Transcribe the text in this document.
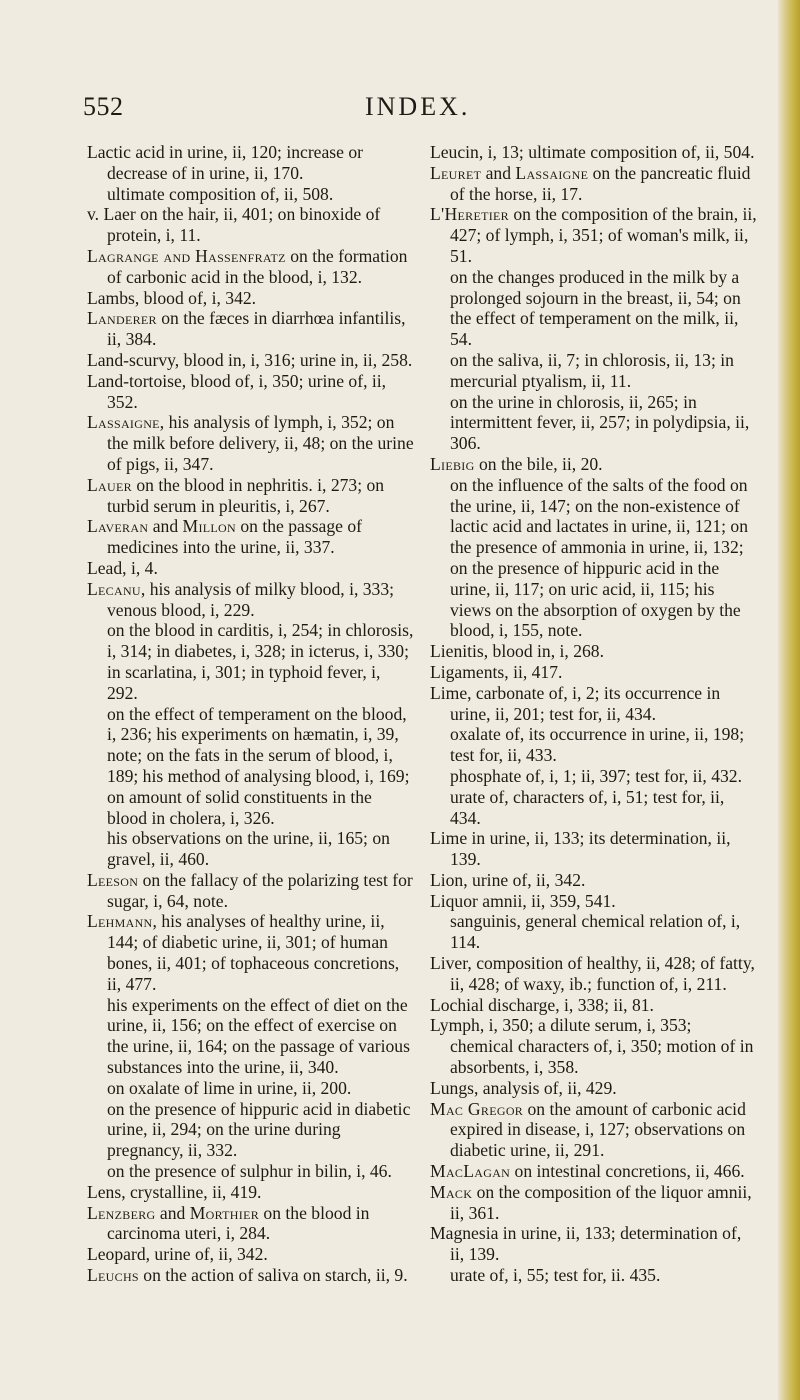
552	INDEX.

Lactic acid in urine, ii, 120; increase or decrease of in urine, ii, 170.

ultimate composition of, ii, 508.

v. Laer on the hair, ii, 401; on binoxide of protein, i, 11.

Lagrange and Hassenfratz on the formation of carbonic acid in the blood, i, 132.

Lambs, blood of, i, 342.

Landerer on the fæces in diarrhœa infantilis, ii, 384.

Land-scurvy, blood in, i, 316; urine in, ii, 258.

Land-tortoise, blood of, i, 350; urine of, ii, 352.

Lassaigne, his analysis of lymph, i, 352; on the milk before delivery, ii, 48; on the urine of pigs, ii, 347.

Lauer on the blood in nephritis. i, 273; on turbid serum in pleuritis, i, 267.

Laveran and Millon on the passage of medicines into the urine, ii, 337.

Lead, i, 4.

Lecanu, his analysis of milky blood, i, 333; venous blood, i, 229.

on the blood in carditis, i, 254; in chlorosis, i, 314; in diabetes, i, 328; in icterus, i, 330; in scarlatina, i, 301; in typhoid fever, i, 292.

on the effect of temperament on the blood, i, 236; his experiments on hæmatin, i, 39, note; on the fats in the serum of blood, i, 189; his method of analysing blood, i, 169; on amount of solid constituents in the blood in cholera, i, 326.

his observations on the urine, ii, 165; on gravel, ii, 460.

Leeson on the fallacy of the polarizing test for sugar, i, 64, note.

Lehmann, his analyses of healthy urine, ii, 144; of diabetic urine, ii, 301; of human bones, ii, 401; of tophaceous concretions, ii, 477.

his experiments on the effect of diet on the urine, ii, 156; on the effect of exercise on the urine, ii, 164; on the passage of various substances into the urine, ii, 340.

on oxalate of lime in urine, ii, 200.

on the presence of hippuric acid in diabetic urine, ii, 294; on the urine during pregnancy, ii, 332.

on the presence of sulphur in bilin, i, 46.

Lens, crystalline, ii, 419.

Lenzberg and Morthier on the blood in carcinoma uteri, i, 284.

Leopard, urine of, ii, 342.

Leuchs on the action of saliva on starch, ii, 9.

Leucin, i, 13; ultimate composition of, ii, 504.

Leuret and Lassaigne on the pancreatic fluid of the horse, ii, 17.

L'Heretier on the composition of the brain, ii, 427; of lymph, i, 351; of woman's milk, ii, 51.

on the changes produced in the milk by a prolonged sojourn in the breast, ii, 54; on the effect of temperament on the milk, ii, 54.

on the saliva, ii, 7; in chlorosis, ii, 13; in mercurial ptyalism, ii, 11.

on the urine in chlorosis, ii, 265; in intermittent fever, ii, 257; in polydipsia, ii, 306.

Liebig on the bile, ii, 20.

on the influence of the salts of the food on the urine, ii, 147; on the non-existence of lactic acid and lactates in urine, ii, 121; on the presence of ammonia in urine, ii, 132; on the presence of hippuric acid in the urine, ii, 117; on uric acid, ii, 115; his views on the absorption of oxygen by the blood, i, 155, note.

Lienitis, blood in, i, 268.

Ligaments, ii, 417.

Lime, carbonate of, i, 2; its occurrence in urine, ii, 201; test for, ii, 434.

oxalate of, its occurrence in urine, ii, 198; test for, ii, 433.

phosphate of, i, 1; ii, 397; test for, ii, 432.

urate of, characters of, i, 51; test for, ii, 434.

Lime in urine, ii, 133; its determination, ii, 139.

Lion, urine of, ii, 342.

Liquor amnii, ii, 359, 541.

sanguinis, general chemical relation of, i, 114.

Liver, composition of healthy, ii, 428; of fatty, ii, 428; of waxy, ib.; function of, i, 211.

Lochial discharge, i, 338; ii, 81.

Lymph, i, 350; a dilute serum, i, 353; chemical characters of, i, 350; motion of in absorbents, i, 358.

Lungs, analysis of, ii, 429.

Mac Gregor on the amount of carbonic acid expired in disease, i, 127; observations on diabetic urine, ii, 291.

MacLagan on intestinal concretions, ii, 466.

Mack on the composition of the liquor amnii, ii, 361.

Magnesia in urine, ii, 133; determination of, ii, 139.

urate of, i, 55; test for, ii. 435.
